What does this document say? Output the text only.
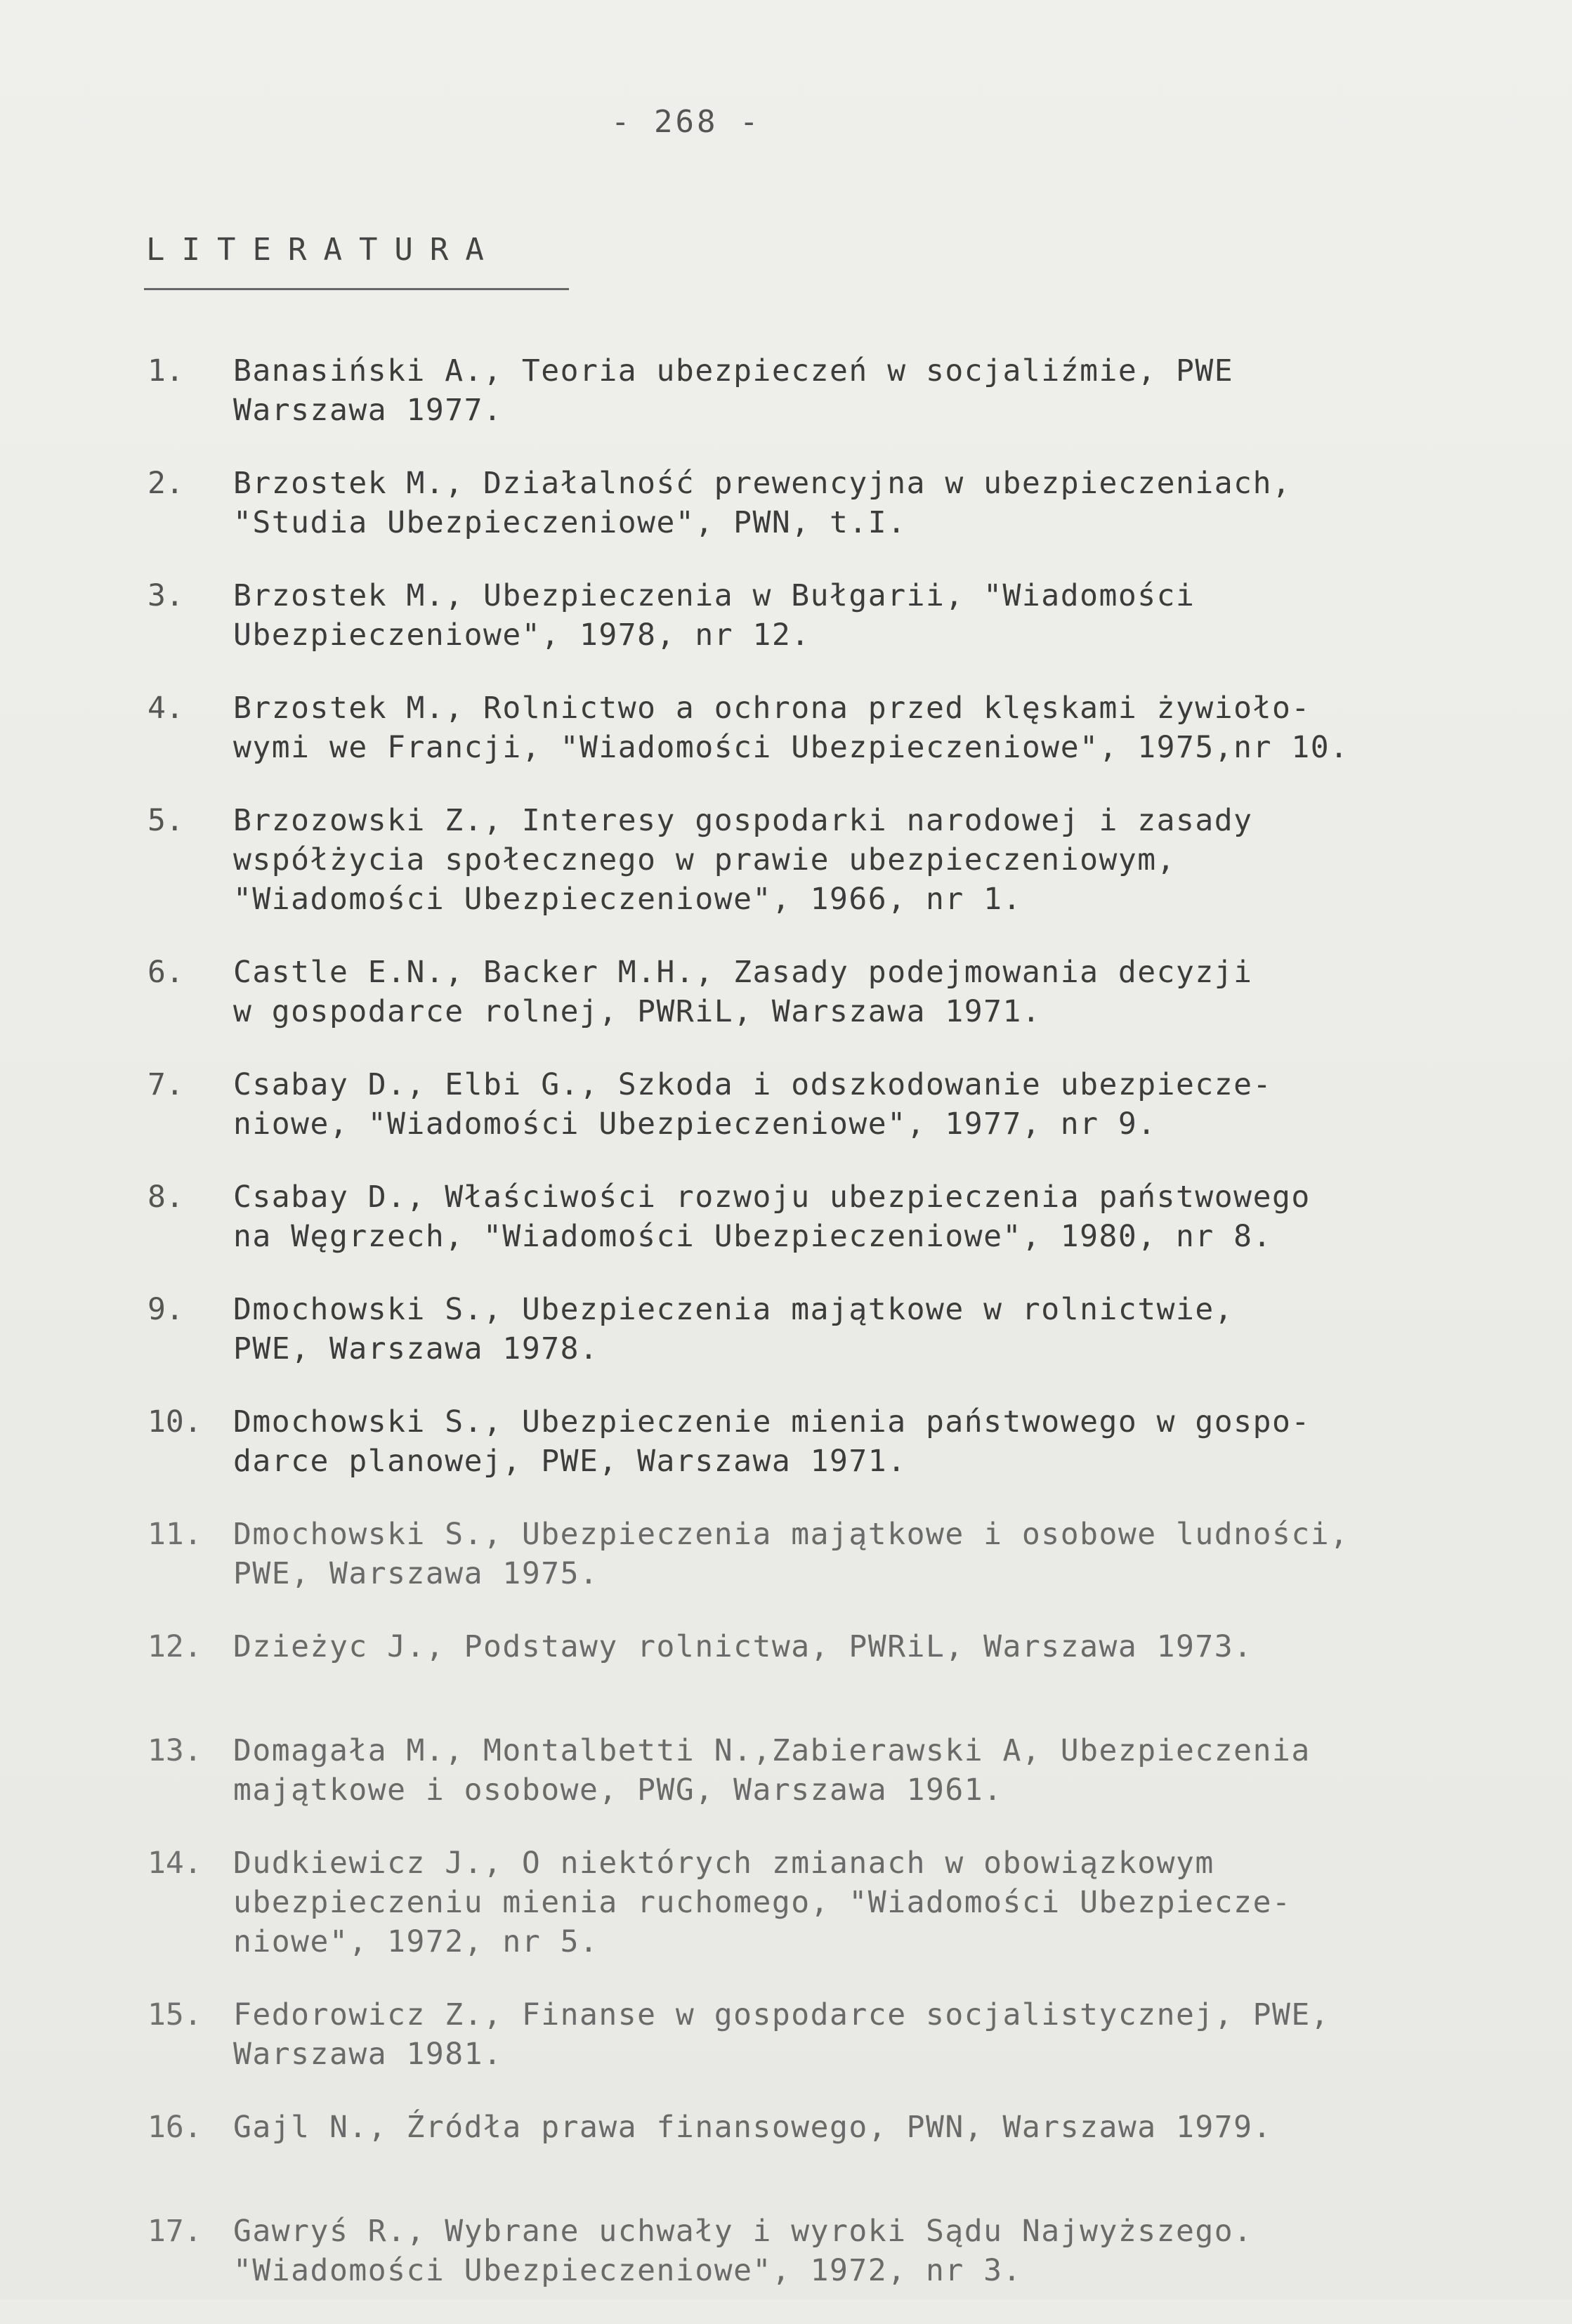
- 268 -
LITERATURA
1.	Banasiński A., Teoria ubezpieczeń w socjaliźmie, PWE
Warszawa 1977.
2.	Brzostek M., Działalność prewencyjna w ubezpieczeniach,
"Studia Ubezpieczeniowe", PWN, t.I.
3.	Brzostek M., Ubezpieczenia w Bułgarii, "Wiadomości
Ubezpieczeniowe", 1978, nr 12.
4.	Brzostek M., Rolnictwo a ochrona przed klęskami żywioło-
wymi we Francji, "Wiadomości Ubezpieczeniowe", 1975,nr 10.
5.	Brzozowski Z., Interesy gospodarki narodowej i zasady
współżycia społecznego w prawie ubezpieczeniowym,
"Wiadomości Ubezpieczeniowe", 1966, nr 1.
6.	Castle E.N., Backer M.H., Zasady podejmowania decyzji
w gospodarce rolnej, PWRiL, Warszawa 1971.
7.	Csabay D., Elbi G., Szkoda i odszkodowanie ubezpiecze-
niowe, "Wiadomości Ubezpieczeniowe", 1977, nr 9.
8.	Csabay D., Właściwości rozwoju ubezpieczenia państwowego
na Węgrzech, "Wiadomości Ubezpieczeniowe", 1980, nr 8.
9.	Dmochowski S., Ubezpieczenia majątkowe w rolnictwie,
PWE, Warszawa 1978.
10.	Dmochowski S., Ubezpieczenie mienia państwowego w gospo-
darce planowej, PWE, Warszawa 1971.
11.	Dmochowski S., Ubezpieczenia majątkowe i osobowe ludności,
PWE, Warszawa 1975.
12.	Dzieżyc J., Podstawy rolnictwa, PWRiL, Warszawa 1973.
13.	Domagała M., Montalbetti N.,Zabierawski A, Ubezpieczenia
majątkowe i osobowe, PWG, Warszawa 1961.
14.	Dudkiewicz J., O niektórych zmianach w obowiązkowym
ubezpieczeniu mienia ruchomego, "Wiadomości Ubezpiecze-
niowe", 1972, nr 5.
15.	Fedorowicz Z., Finanse w gospodarce socjalistycznej, PWE,
Warszawa 1981.
16.	Gajl N., Źródła prawa finansowego, PWN, Warszawa 1979.
17.	Gawryś R., Wybrane uchwały i wyroki Sądu Najwyższego.
"Wiadomości Ubezpieczeniowe", 1972, nr 3.
